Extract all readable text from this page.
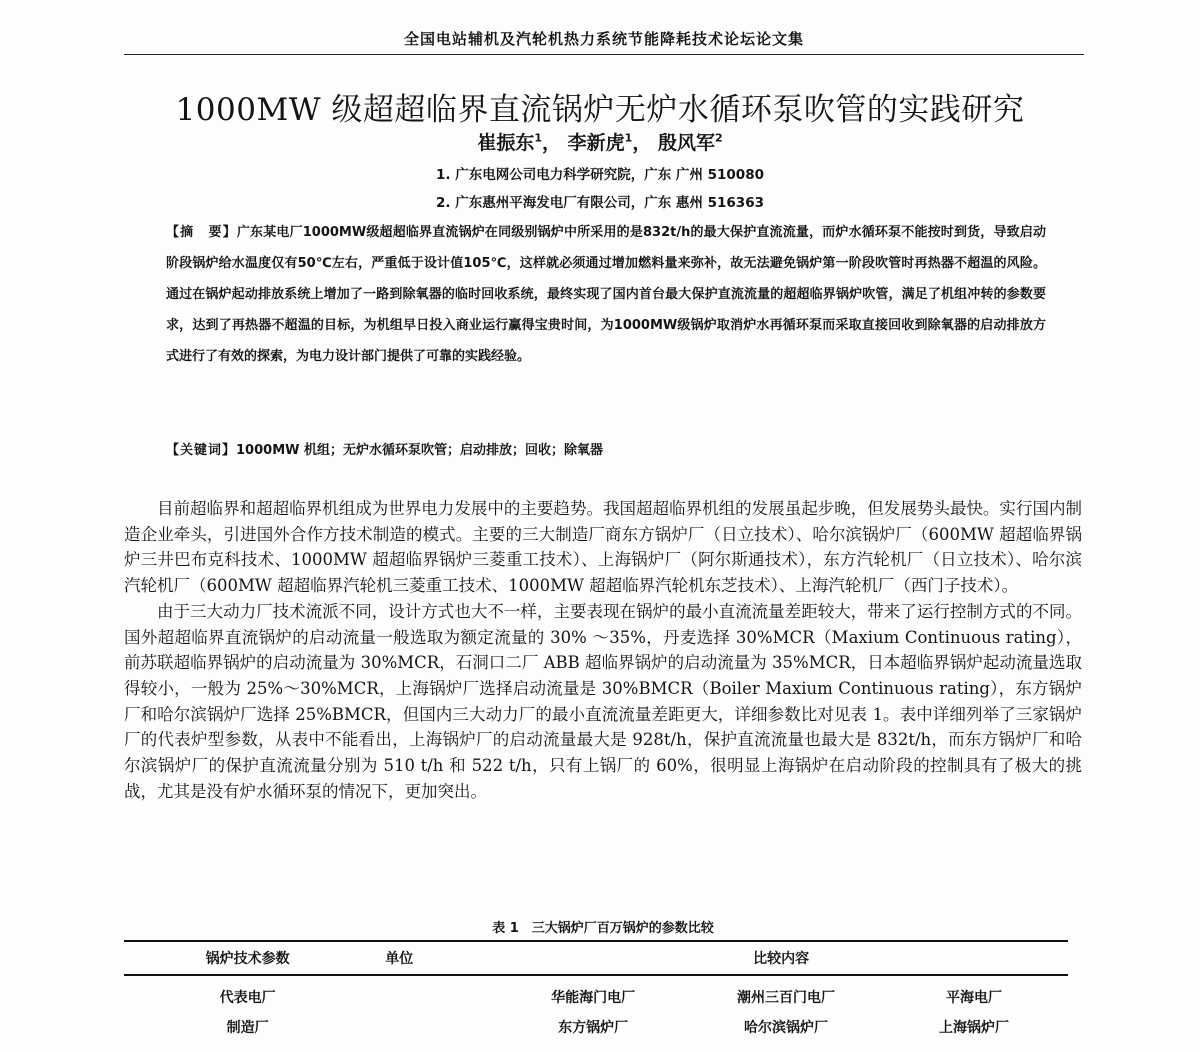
全国电站辅机及汽轮机热力系统节能降耗技术论坛论文集
1000MW 级超超临界直流锅炉无炉水循环泵吹管的实践研究
崔振东$^1$， 李新虎$^1$， 殷风军$^2$
1. 广东电网公司电力科学研究院，广东 广州 510080
2. 广东惠州平海发电厂有限公司，广东 惠州 516363

【摘　要】广东某电厂1000MW级超超临界直流锅炉在同级别锅炉中所采用的是832t/h的最大保护直流流量，而炉水循环泵不能按时到货，导致启动阶段锅炉给水温度仅有50℃左右，严重低于设计值105℃，这样就必须通过增加燃料量来弥补，故无法避免锅炉第一阶段吹管时再热器不超温的风险。通过在锅炉起动排放系统上增加了一路到除氧器的临时回收系统，最终实现了国内首台最大保护直流流量的超超临界锅炉吹管，满足了机组冲转的参数要求，达到了再热器不超温的目标，为机组早日投入商业运行赢得宝贵时间，为1000MW级锅炉取消炉水再循环泵而采取直接回收到除氧器的启动排放方式进行了有效的探索，为电力设计部门提供了可靠的实践经验。

【关键词】1000MW 机组；无炉水循环泵吹管；启动排放；回收；除氧器

目前超临界和超超临界机组成为世界电力发展中的主要趋势。我国超超临界机组的发展虽起步晚，但发展势头最快。实行国内制造企业牵头，引进国外合作方技术制造的模式。主要的三大制造厂商东方锅炉厂（日立技术）、哈尔滨锅炉厂（600MW 超超临界锅炉三井巴布克科技术、1000MW 超超临界锅炉三菱重工技术）、上海锅炉厂（阿尔斯通技术），东方汽轮机厂（日立技术）、哈尔滨汽轮机厂（600MW 超超临界汽轮机三菱重工技术、1000MW 超超临界汽轮机东芝技术）、上海汽轮机厂（西门子技术）。

由于三大动力厂技术流派不同，设计方式也大不一样，主要表现在锅炉的最小直流流量差距较大，带来了运行控制方式的不同。国外超超临界直流锅炉的启动流量一般选取为额定流量的 30% ～35%，丹麦选择 30%MCR（Maxium Continuous rating），前苏联超临界锅炉的启动流量为 30%MCR，石洞口二厂 ABB 超临界锅炉的启动流量为 35%MCR，日本超临界锅炉起动流量选取得较小，一般为 25%～30%MCR，上海锅炉厂选择启动流量是 30%BMCR（Boiler Maxium Continuous rating），东方锅炉厂和哈尔滨锅炉厂选择 25%BMCR，但国内三大动力厂的最小直流流量差距更大，详细参数比对见表 1。表中详细列举了三家锅炉厂的代表炉型参数，从表中不能看出，上海锅炉厂的启动流量最大是 928t/h，保护直流流量也最大是 832t/h，而东方锅炉厂和哈尔滨锅炉厂的保护直流流量分别为 510 t/h 和 522 t/h，只有上锅厂的 60%，很明显上海锅炉在启动阶段的控制具有了极大的挑战，尤其是没有炉水循环泵的情况下，更加突出。

表 1　三大锅炉厂百万锅炉的参数比较
锅炉技术参数	单位	比较内容		
代表电厂		华能海门电厂	潮州三百门电厂	平海电厂
制造厂		东方锅炉厂	哈尔滨锅炉厂	上海锅炉厂
